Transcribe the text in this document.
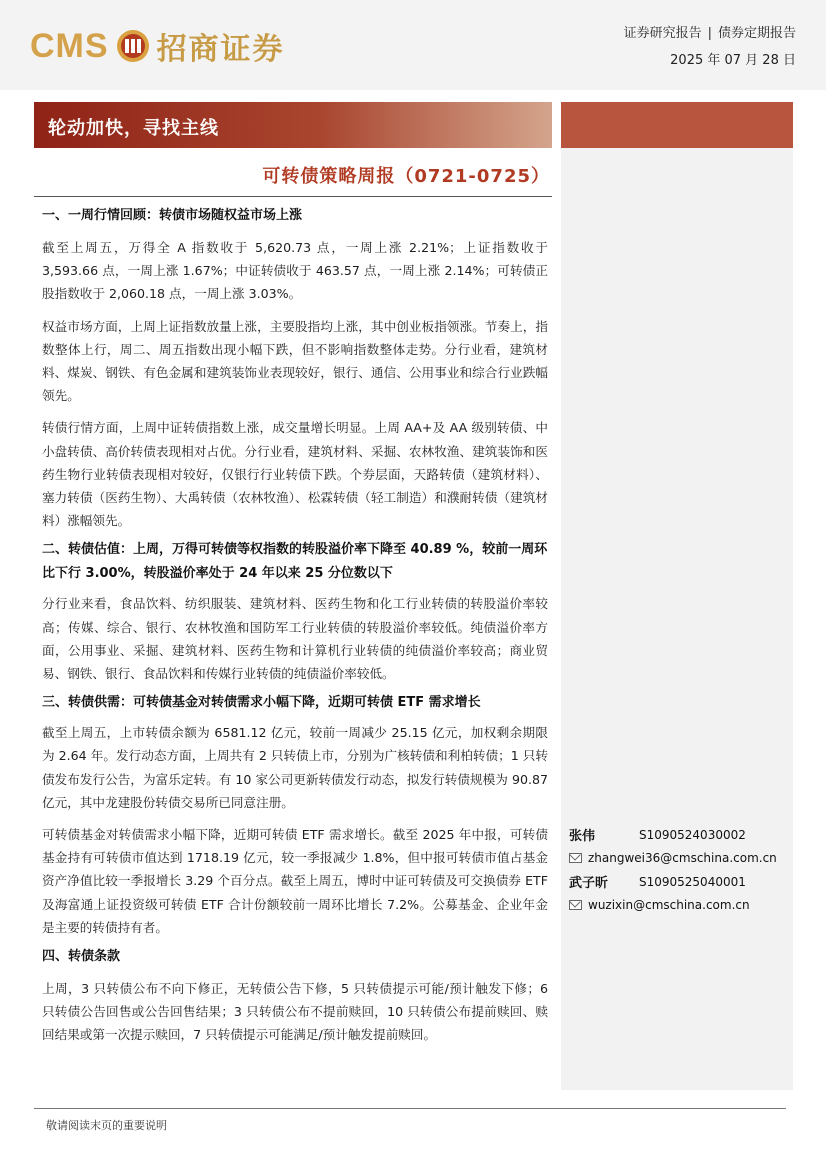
CMS 招商证券	证券研究报告 | 债券定期报告
2025 年 07 月 28 日
轮动加快，寻找主线
可转债策略周报（0721-0725）

一、一周行情回顾：转债市场随权益市场上涨

截至上周五，万得全 A 指数收于 5,620.73 点，一周上涨 2.21%；上证指数收于 3,593.66 点，一周上涨 1.67%；中证转债收于 463.57 点，一周上涨 2.14%；可转债正股指数收于 2,060.18 点，一周上涨 3.03%。

权益市场方面，上周上证指数放量上涨，主要股指均上涨，其中创业板指领涨。节奏上，指数整体上行，周二、周五指数出现小幅下跌，但不影响指数整体走势。分行业看，建筑材料、煤炭、钢铁、有色金属和建筑装饰业表现较好，银行、通信、公用事业和综合行业跌幅领先。

转债行情方面，上周中证转债指数上涨，成交量增长明显。上周 AA+及 AA 级别转债、中小盘转债、高价转债表现相对占优。分行业看，建筑材料、采掘、农林牧渔、建筑装饰和医药生物行业转债表现相对较好，仅银行行业转债下跌。个券层面，天路转债（建筑材料）、塞力转债（医药生物）、大禹转债（农林牧渔）、松霖转债（轻工制造）和濮耐转债（建筑材料）涨幅领先。

二、转债估值：上周，万得可转债等权指数的转股溢价率下降至 40.89 %，较前一周环比下行 3.00%，转股溢价率处于 24 年以来 25 分位数以下

分行业来看，食品饮料、纺织服装、建筑材料、医药生物和化工行业转债的转股溢价率较高；传媒、综合、银行、农林牧渔和国防军工行业转债的转股溢价率较低。纯债溢价率方面，公用事业、采掘、建筑材料、医药生物和计算机行业转债的纯债溢价率较高；商业贸易、钢铁、银行、食品饮料和传媒行业转债的纯债溢价率较低。

三、转债供需：可转债基金对转债需求小幅下降，近期可转债 ETF 需求增长

截至上周五，上市转债余额为 6581.12 亿元，较前一周减少 25.15 亿元，加权剩余期限为 2.64 年。发行动态方面，上周共有 2 只转债上市，分别为广核转债和利柏转债；1 只转债发布发行公告，为富乐定转。有 10 家公司更新转债发行动态，拟发行转债规模为 90.87 亿元，其中龙建股份转债交易所已同意注册。

可转债基金对转债需求小幅下降，近期可转债 ETF 需求增长。截至 2025 年中报，可转债基金持有可转债市值达到 1718.19 亿元，较一季报减少 1.8%，但中报可转债市值占基金资产净值比较一季报增长 3.29 个百分点。截至上周五，博时中证可转债及可交换债券 ETF 及海富通上证投资级可转债 ETF 合计份额较前一周环比增长 7.2%。公募基金、企业年金是主要的转债持有者。

四、转债条款

上周，3 只转债公布不向下修正，无转债公告下修，5 只转债提示可能/预计触发下修；6 只转债公告回售或公告回售结果；3 只转债公布不提前赎回，10 只转债公布提前赎回、赎回结果或第一次提示赎回，7 只转债提示可能满足/预计触发提前赎回。

张伟	S1090524030002
zhangwei36@cmschina.com.cn
武子昕	S1090525040001
wuzixin@cmschina.com.cn
敬请阅读末页的重要说明
